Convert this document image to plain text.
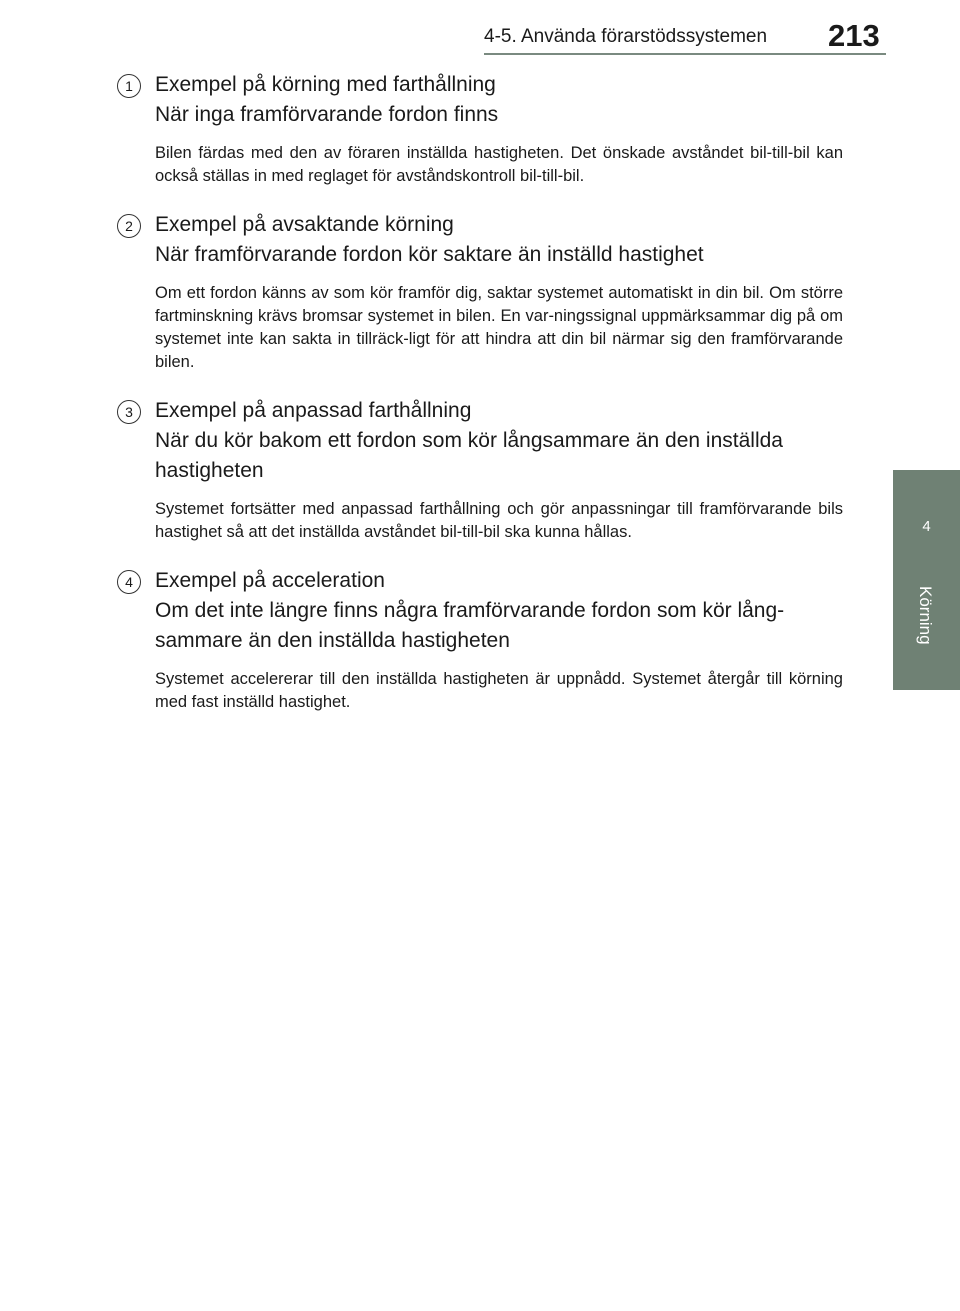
4-5. Använda förarstödssystemen 213
4
Körning
1	Exempel på körning med farthållning
När inga framförvarande fordon finns
Bilen färdas med den av föraren inställda hastigheten. Det önskade avståndet bil-till-bil kan också ställas in med reglaget för avståndskontroll bil-till-bil.
2	Exempel på avsaktande körning
När framförvarande fordon kör saktare än inställd hastighet
Om ett fordon känns av som kör framför dig, saktar systemet automatiskt in din bil. Om större fartminskning krävs bromsar systemet in bilen. En var-ningssignal uppmärksammar dig på om systemet inte kan sakta in tillräck-ligt för att hindra att din bil närmar sig den framförvarande bilen.
3	Exempel på anpassad farthållning
När du kör bakom ett fordon som kör långsammare än den inställda hastigheten
Systemet fortsätter med anpassad farthållning och gör anpassningar till framförvarande bils hastighet så att det inställda avståndet bil-till-bil ska kunna hållas.
4	Exempel på acceleration
Om det inte längre finns några framförvarande fordon som kör lång-sammare än den inställda hastigheten
Systemet accelererar till den inställda hastigheten är uppnådd. Systemet återgår till körning med fast inställd hastighet.
